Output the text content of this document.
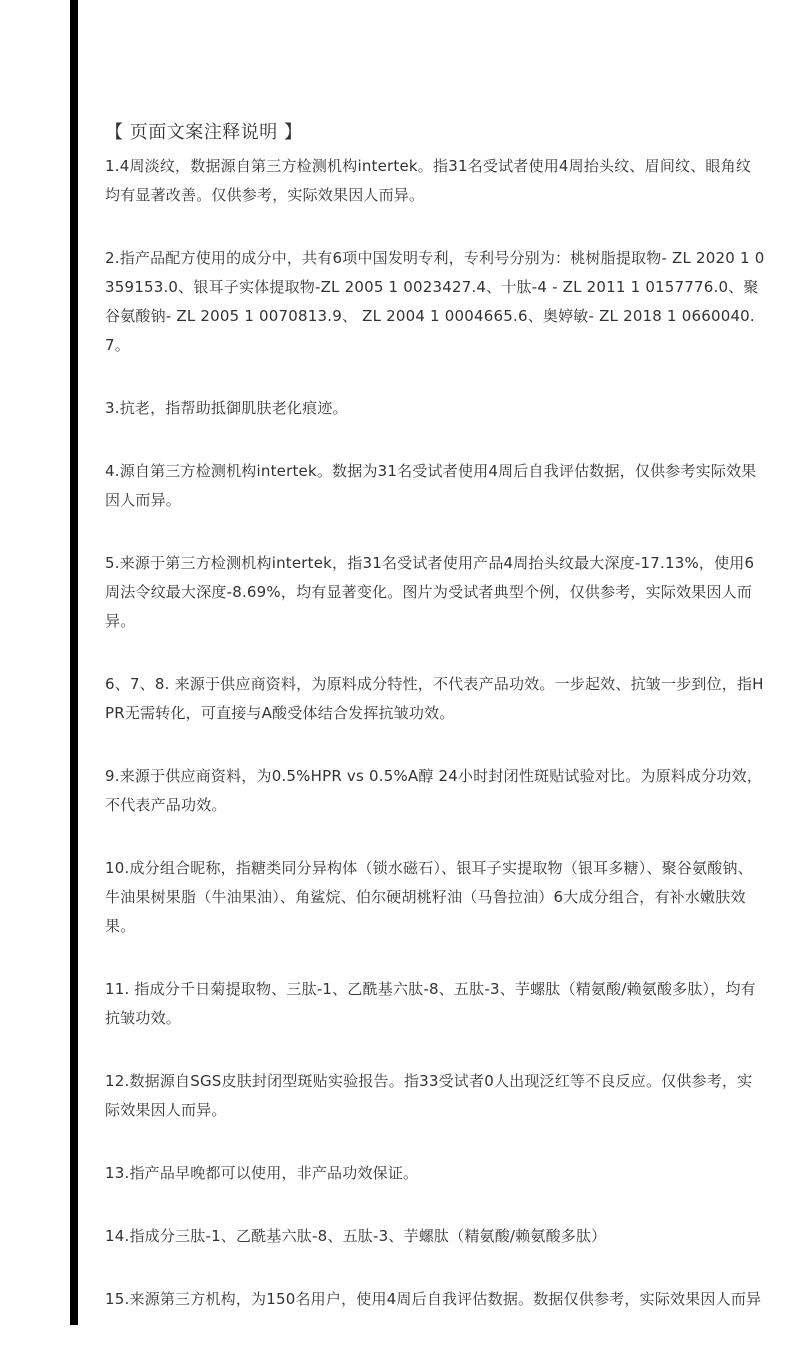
【 页面文案注释说明 】

1.4周淡纹，数据源自第三方检测机构intertek。指31名受试者使用4周抬头纹、眉间纹、眼角纹均有显著改善。仅供参考，实际效果因人而异。

2.指产品配方使用的成分中，共有6项中国发明专利，专利号分别为：桃树脂提取物- ZL 2020 1 0359153.0、银耳子实体提取物-ZL 2005 1 0023427.4、十肽-4 - ZL 2011 1 0157776.0、聚谷氨酸钠- ZL 2005 1 0070813.9、 ZL 2004 1 0004665.6、奥婷敏- ZL 2018 1 0660040.7。

3.抗老，指帮助抵御肌肤老化痕迹。

4.源自第三方检测机构intertek。数据为31名受试者使用4周后自我评估数据，仅供参考实际效果因人而异。

5.来源于第三方检测机构intertek，指31名受试者使用产品4周抬头纹最大深度-17.13%，使用6周法令纹最大深度-8.69%，均有显著变化。图片为受试者典型个例，仅供参考，实际效果因人而异。

6、7、8. 来源于供应商资料，为原料成分特性，不代表产品功效。一步起效、抗皱一步到位，指HPR无需转化，可直接与A酸受体结合发挥抗皱功效。

9.来源于供应商资料，为0.5%HPR vs 0.5%A醇 24小时封闭性斑贴试验对比。为原料成分功效，不代表产品功效。

10.成分组合昵称，指糖类同分异构体（锁水磁石）、银耳子实提取物（银耳多糖）、聚谷氨酸钠、牛油果树果脂（牛油果油）、角鲨烷、伯尔硬胡桃籽油（马鲁拉油）6大成分组合，有补水嫩肤效果。

11. 指成分千日菊提取物、三肽-1、乙酰基六肽-8、五肽-3、芋螺肽（精氨酸/赖氨酸多肽），均有抗皱功效。

12.数据源自SGS皮肤封闭型斑贴实验报告。指33受试者0人出现泛红等不良反应。仅供参考，实际效果因人而异。

13.指产品早晚都可以使用，非产品功效保证。

14.指成分三肽-1、乙酰基六肽-8、五肽-3、芋螺肽（精氨酸/赖氨酸多肽）

15.来源第三方机构，为150名用户，使用4周后自我评估数据。数据仅供参考，实际效果因人而异
